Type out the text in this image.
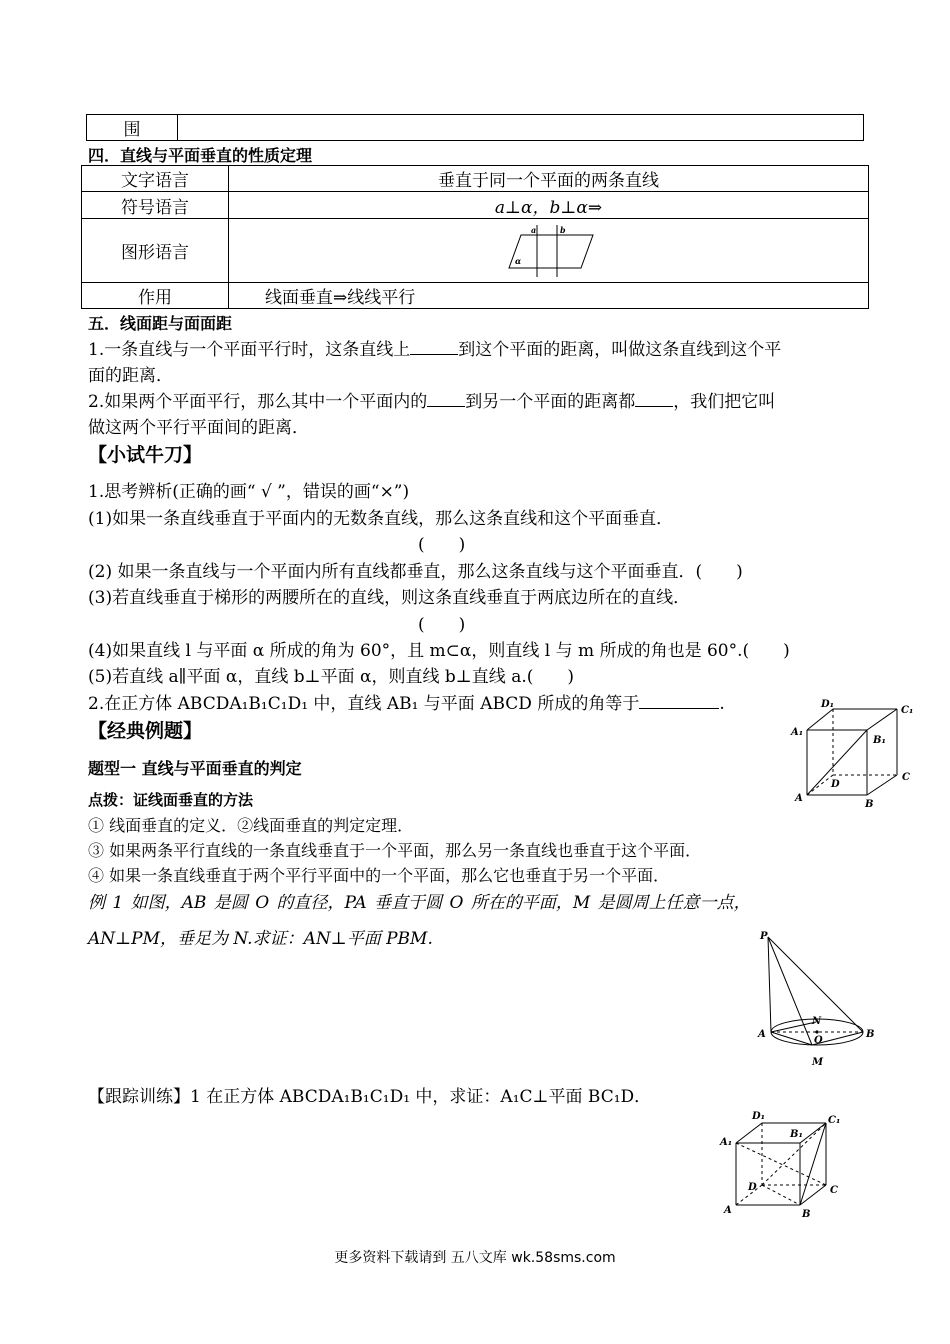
围	
四．直线与平面垂直的性质定理
文字语言	垂直于同一个平面的两条直线
符号语言	a⊥α，b⊥α⇒
图形语言	a b
α

作用	线面垂直⇒线线平行
五．线面距与面面距
1.一条直线与一个平面平行时，这条直线上	到这个平面的距离，叫做这条直线到这个平
面的距离．
2.如果两个平面平行，那么其中一个平面内的 到另一个平面的距离都 ，我们把它叫
做这两个平行平面间的距离．
【小试牛刀】
1.思考辨析(正确的画“ √ ”，错误的画“×”)
(1)如果一条直线垂直于平面内的无数条直线，那么这条直线和这个平面垂直．
(　　)
(2) 如果一条直线与一个平面内所有直线都垂直，那么这条直线与这个平面垂直．(　　)
(3)若直线垂直于梯形的两腰所在的直线，则这条直线垂直于两底边所在的直线．
(　　)
(4)如果直线 l 与平面 α 所成的角为 60°，且 m⊂α，则直线 l 与 m 所成的角也是 60°.(　　)
(5)若直线 a∥平面 α，直线 b⊥平面 α，则直线 b⊥直线 a.(　　)
2.在正方体 ABCDA₁B₁C₁D₁ 中，直线 AB₁ 与平面 ABCD 所成的角等于	.	D₁
C₁
A₁
B₁
C
D
A
B
【经典例题】
题型一 直线与平面垂直的判定
点拨：证线面垂直的方法
① 线面垂直的定义．②线面垂直的判定定理．
③ 如果两条平行直线的一条直线垂直于一个平面，那么另一条直线也垂直于这个平面．
④ 如果一条直线垂直于两个平行平面中的一个平面，那么它也垂直于另一个平面．
例 1 如图，AB 是圆 O 的直径，PA 垂直于圆 O 所在的平面，M 是圆周上任意一点，
AN⊥PM，垂足为 N.求证：AN⊥平面 PBM.	P
N
O
A	B
M
【跟踪训练】1 在正方体 ABCDA₁B₁C₁D₁ 中，求证：A₁C⊥平面 BC₁D．
D₁	C₁
A₁
B₁
D	C
A	B
更多资料下载请到 五八文库 wk.58sms.com
